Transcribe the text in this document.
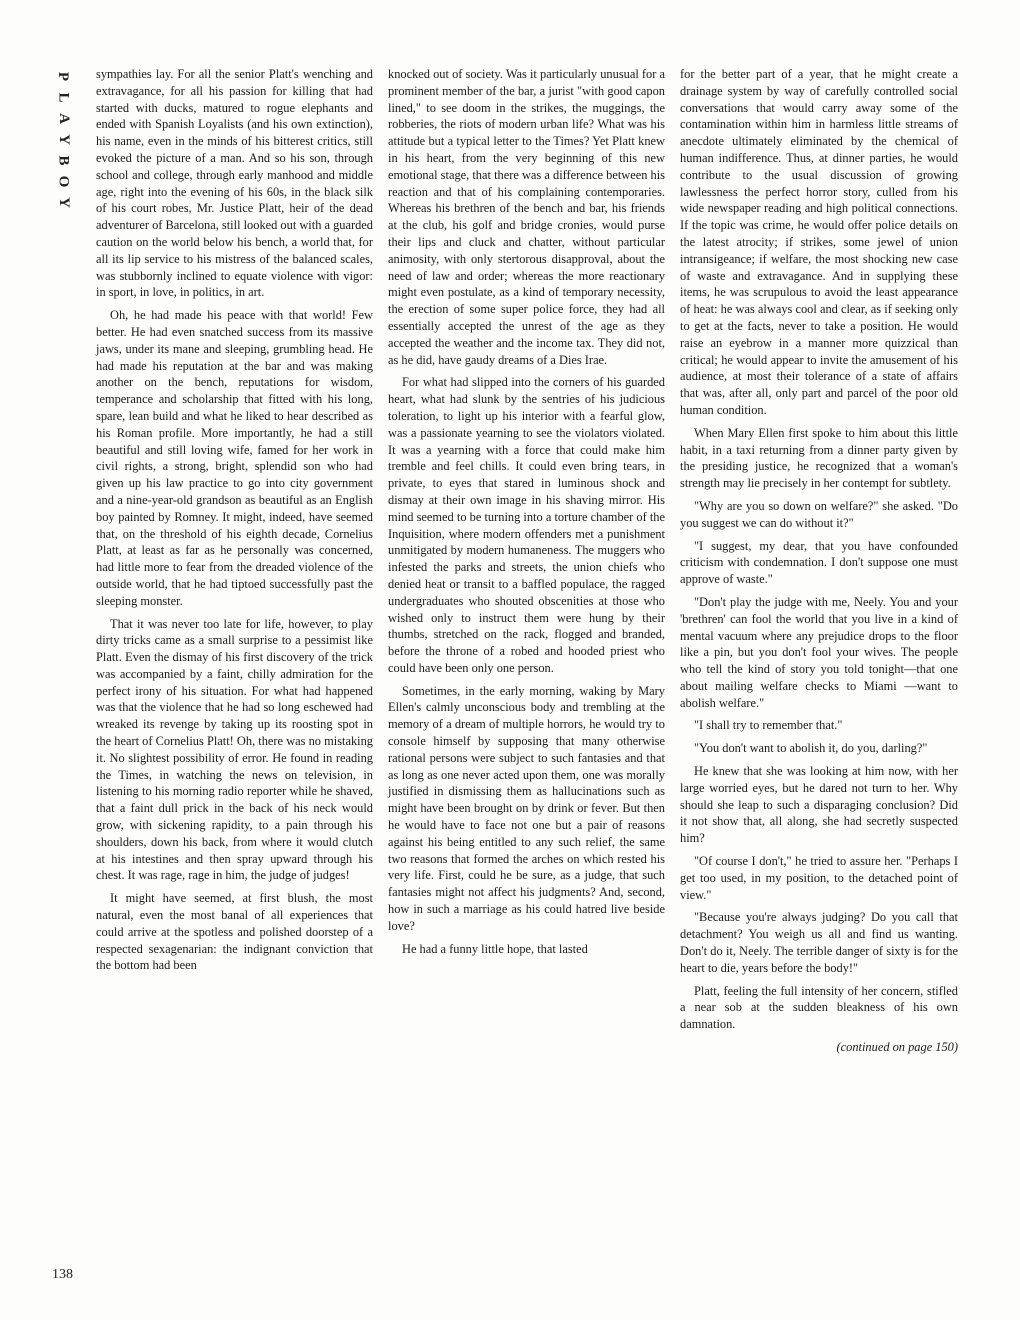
P
L
A
Y
B
O
Y

sympathies lay. For all the senior Platt's wenching and extravagance, for all his passion for killing that had started with ducks, matured to rogue elephants and ended with Spanish Loyalists (and his own extinction), his name, even in the minds of his bitterest critics, still evoked the picture of a man. And so his son, through school and college, through early manhood and middle age, right into the evening of his 60s, in the black silk of his court robes, Mr. Justice Platt, heir of the dead adventurer of Barcelona, still looked out with a guarded caution on the world below his bench, a world that, for all its lip service to his mistress of the balanced scales, was stubbornly inclined to equate violence with vigor: in sport, in love, in politics, in art.

Oh, he had made his peace with that world! Few better. He had even snatched success from its massive jaws, under its mane and sleeping, grumbling head. He had made his reputation at the bar and was making another on the bench, reputations for wisdom, temperance and scholarship that fitted with his long, spare, lean build and what he liked to hear described as his Roman profile. More importantly, he had a still beautiful and still loving wife, famed for her work in civil rights, a strong, bright, splendid son who had given up his law practice to go into city government and a nine-year-old grandson as beautiful as an English boy painted by Romney. It might, indeed, have seemed that, on the threshold of his eighth decade, Cornelius Platt, at least as far as he personally was concerned, had little more to fear from the dreaded violence of the outside world, that he had tiptoed successfully past the sleeping monster.

That it was never too late for life, however, to play dirty tricks came as a small surprise to a pessimist like Platt. Even the dismay of his first discovery of the trick was accompanied by a faint, chilly admiration for the perfect irony of his situation. For what had happened was that the violence that he had so long eschewed had wreaked its revenge by taking up its roosting spot in the heart of Cornelius Platt! Oh, there was no mistaking it. No slightest possibility of error. He found in reading the Times, in watching the news on television, in listening to his morning radio reporter while he shaved, that a faint dull prick in the back of his neck would grow, with sickening rapidity, to a pain through his shoulders, down his back, from where it would clutch at his intestines and then spray upward through his chest. It was rage, rage in him, the judge of judges!

It might have seemed, at first blush, the most natural, even the most banal of all experiences that could arrive at the spotless and polished doorstep of a respected sexagenarian: the indignant conviction that the bottom had been

knocked out of society. Was it particularly unusual for a prominent member of the bar, a jurist "with good capon lined," to see doom in the strikes, the muggings, the robberies, the riots of modern urban life? What was his attitude but a typical letter to the Times? Yet Platt knew in his heart, from the very beginning of this new emotional stage, that there was a difference between his reaction and that of his complaining contemporaries. Whereas his brethren of the bench and bar, his friends at the club, his golf and bridge cronies, would purse their lips and cluck and chatter, without particular animosity, with only stertorous disapproval, about the need of law and order; whereas the more reactionary might even postulate, as a kind of temporary necessity, the erection of some super police force, they had all essentially accepted the unrest of the age as they accepted the weather and the income tax. They did not, as he did, have gaudy dreams of a Dies Irae.

For what had slipped into the corners of his guarded heart, what had slunk by the sentries of his judicious toleration, to light up his interior with a fearful glow, was a passionate yearning to see the violators violated. It was a yearning with a force that could make him tremble and feel chills. It could even bring tears, in private, to eyes that stared in luminous shock and dismay at their own image in his shaving mirror. His mind seemed to be turning into a torture chamber of the Inquisition, where modern offenders met a punishment unmitigated by modern humaneness. The muggers who infested the parks and streets, the union chiefs who denied heat or transit to a baffled populace, the ragged undergraduates who shouted obscenities at those who wished only to instruct them were hung by their thumbs, stretched on the rack, flogged and branded, before the throne of a robed and hooded priest who could have been only one person.

Sometimes, in the early morning, waking by Mary Ellen's calmly unconscious body and trembling at the memory of a dream of multiple horrors, he would try to console himself by supposing that many otherwise rational persons were subject to such fantasies and that as long as one never acted upon them, one was morally justified in dismissing them as hallucinations such as might have been brought on by drink or fever. But then he would have to face not one but a pair of reasons against his being entitled to any such relief, the same two reasons that formed the arches on which rested his very life. First, could he be sure, as a judge, that such fantasies might not affect his judgments? And, second, how in such a marriage as his could hatred live beside love?

He had a funny little hope, that lasted

for the better part of a year, that he might create a drainage system by way of carefully controlled social conversations that would carry away some of the contamination within him in harmless little streams of anecdote ultimately eliminated by the chemical of human indifference. Thus, at dinner parties, he would contribute to the usual discussion of growing lawlessness the perfect horror story, culled from his wide newspaper reading and high political connections. If the topic was crime, he would offer police details on the latest atrocity; if strikes, some jewel of union intransigeance; if welfare, the most shocking new case of waste and extravagance. And in supplying these items, he was scrupulous to avoid the least appearance of heat: he was always cool and clear, as if seeking only to get at the facts, never to take a position. He would raise an eyebrow in a manner more quizzical than critical; he would appear to invite the amusement of his audience, at most their tolerance of a state of affairs that was, after all, only part and parcel of the poor old human condition.

When Mary Ellen first spoke to him about this little habit, in a taxi returning from a dinner party given by the presiding justice, he recognized that a woman's strength may lie precisely in her contempt for subtlety.

"Why are you so down on welfare?" she asked. "Do you suggest we can do without it?"

"I suggest, my dear, that you have confounded criticism with condemnation. I don't suppose one must approve of waste."

"Don't play the judge with me, Neely. You and your 'brethren' can fool the world that you live in a kind of mental vacuum where any prejudice drops to the floor like a pin, but you don't fool your wives. The people who tell the kind of story you told tonight—that one about mailing welfare checks to Miami —want to abolish welfare."

"I shall try to remember that."

"You don't want to abolish it, do you, darling?"

He knew that she was looking at him now, with her large worried eyes, but he dared not turn to her. Why should she leap to such a disparaging conclusion? Did it not show that, all along, she had secretly suspected him?

"Of course I don't," he tried to assure her. "Perhaps I get too used, in my position, to the detached point of view."

"Because you're always judging? Do you call that detachment? You weigh us all and find us wanting. Don't do it, Neely. The terrible danger of sixty is for the heart to die, years before the body!"

Platt, feeling the full intensity of her concern, stifled a near sob at the sudden bleakness of his own damnation.

(continued on page 150)

138
